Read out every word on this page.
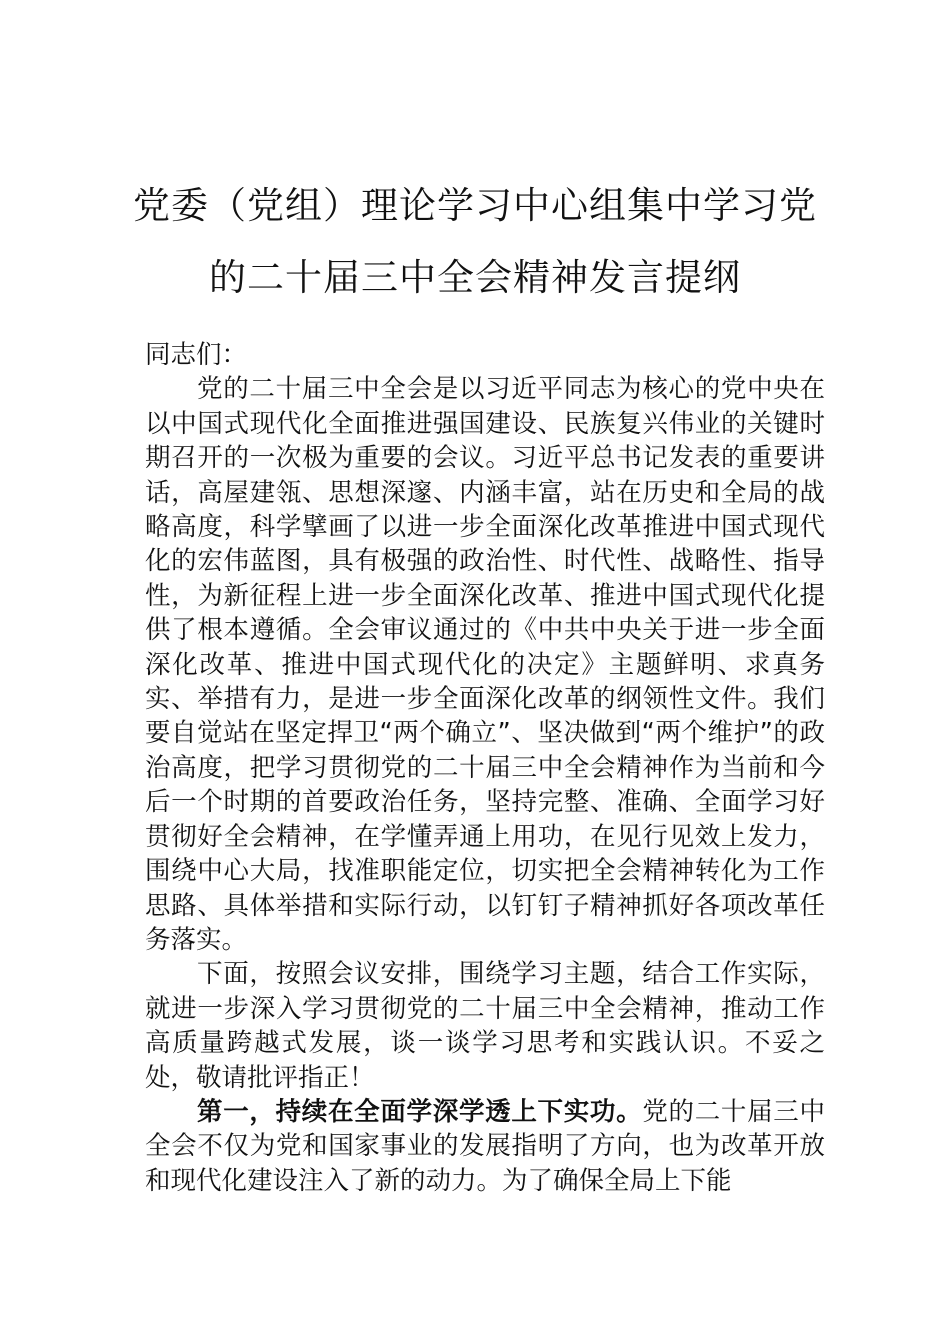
党委（党组）理论学习中心组集中学习党
的二十届三中全会精神发言提纲

同志们：

党的二十届三中全会是以习近平同志为核心的党中央在以中国式现代化全面推进强国建设、民族复兴伟业的关键时期召开的一次极为重要的会议。习近平总书记发表的重要讲话，高屋建瓴、思想深邃、内涵丰富，站在历史和全局的战略高度，科学擘画了以进一步全面深化改革推进中国式现代化的宏伟蓝图，具有极强的政治性、时代性、战略性、指导性，为新征程上进一步全面深化改革、推进中国式现代化提供了根本遵循。全会审议通过的《中共中央关于进一步全面深化改革、推进中国式现代化的决定》主题鲜明、求真务实、举措有力，是进一步全面深化改革的纲领性文件。我们要自觉站在坚定捍卫“两个确立”、坚决做到“两个维护”的政治高度，把学习贯彻党的二十届三中全会精神作为当前和今后一个时期的首要政治任务，坚持完整、准确、全面学习好贯彻好全会精神，在学懂弄通上用功，在见行见效上发力，围绕中心大局，找准职能定位，切实把全会精神转化为工作思路、具体举措和实际行动，以钉钉子精神抓好各项改革任务落实。

下面，按照会议安排，围绕学习主题，结合工作实际，就进一步深入学习贯彻党的二十届三中全会精神，推动工作高质量跨越式发展，谈一谈学习思考和实践认识。不妥之处，敬请批评指正！

第一，持续在全面学深学透上下实功。党的二十届三中全会不仅为党和国家事业的发展指明了方向，也为改革开放和现代化建设注入了新的动力。为了确保全局上下能
